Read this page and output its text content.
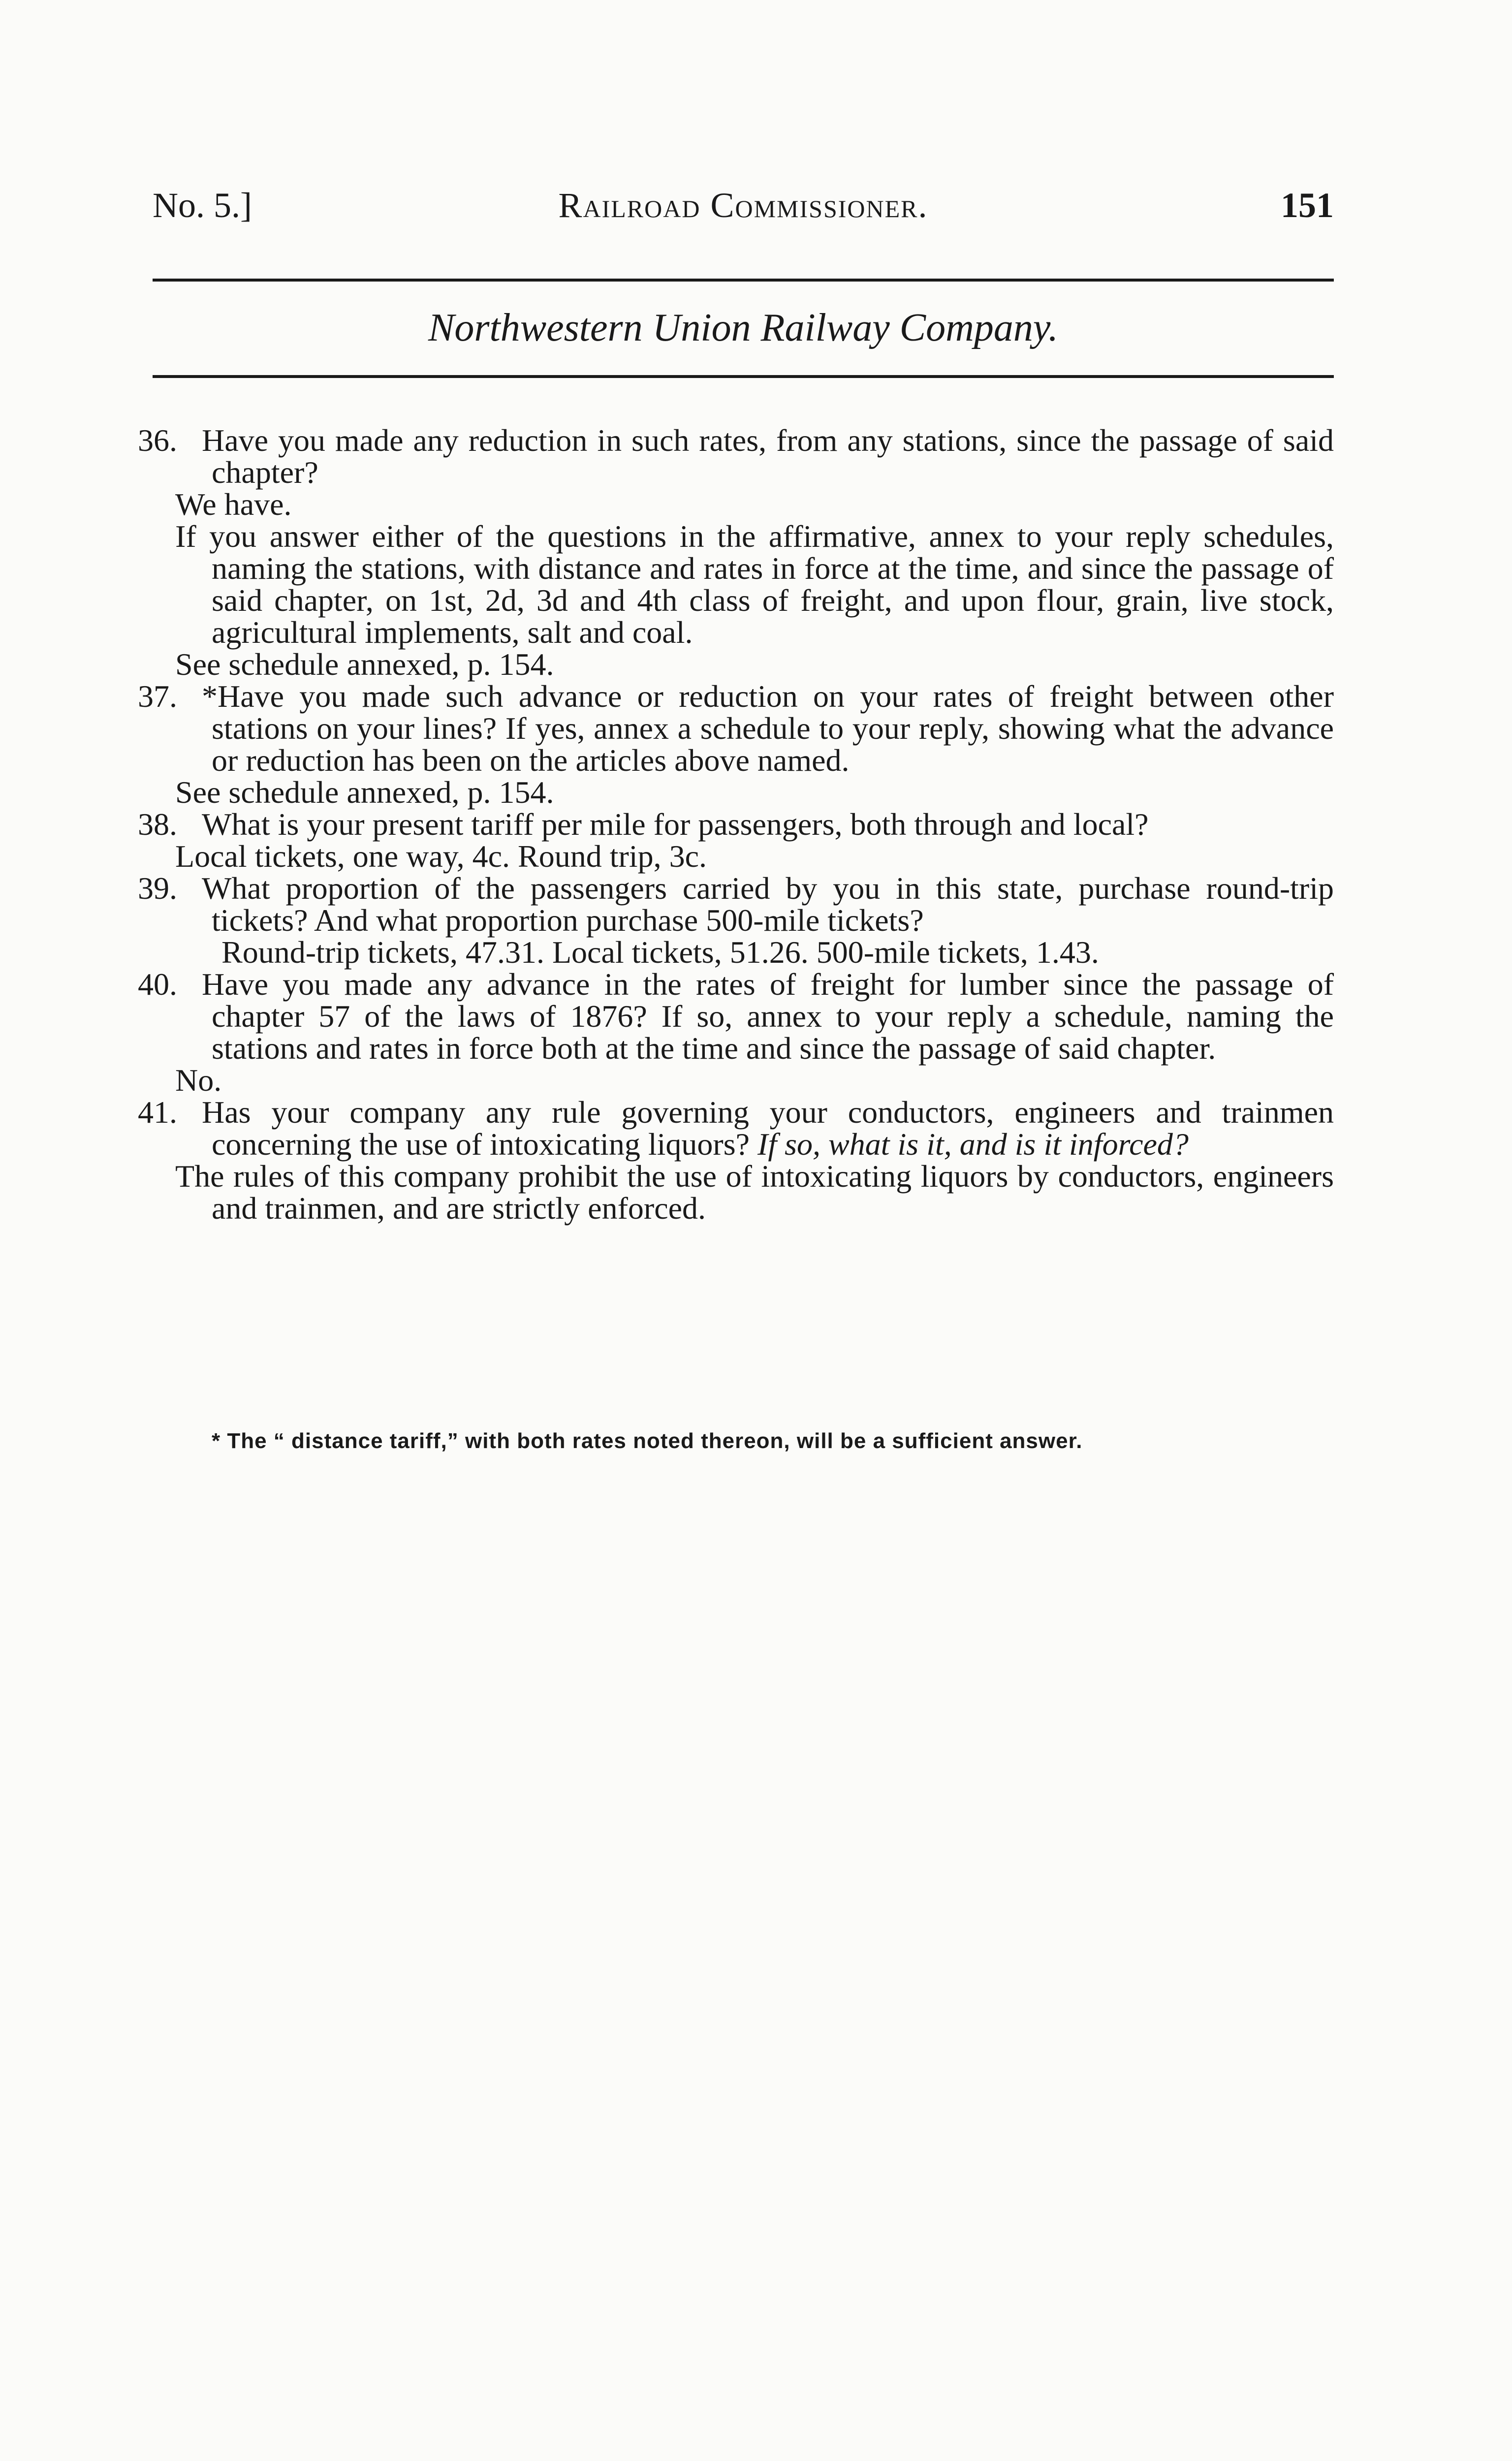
No. 5.]	Railroad Commissioner.	151
Northwestern Union Railway Company.

36. Have you made any reduction in such rates, from any stations, since the passage of said chapter?

We have.

If you answer either of the questions in the affirmative, annex to your reply schedules, naming the stations, with distance and rates in force at the time, and since the passage of said chapter, on 1st, 2d, 3d and 4th class of freight, and upon flour, grain, live stock, agricultural implements, salt and coal.

See schedule annexed, p. 154.

37. *Have you made such advance or reduction on your rates of freight between other stations on your lines? If yes, annex a schedule to your reply, showing what the advance or reduction has been on the articles above named.

See schedule annexed, p. 154.

38. What is your present tariff per mile for passengers, both through and local?

Local tickets, one way, 4c. Round trip, 3c.

39. What proportion of the passengers carried by you in this state, purchase round-trip tickets? And what proportion purchase 500-mile tickets?

Round-trip tickets, 47.31. Local tickets, 51.26. 500-mile tickets, 1.43.

40. Have you made any advance in the rates of freight for lumber since the passage of chapter 57 of the laws of 1876? If so, annex to your reply a schedule, naming the stations and rates in force both at the time and since the passage of said chapter.

No.

41. Has your company any rule governing your conductors, engineers and trainmen concerning the use of intoxicating liquors? If so, what is it, and is it inforced?

The rules of this company prohibit the use of intoxicating liquors by conductors, engineers and trainmen, and are strictly enforced.

* The “ distance tariff,” with both rates noted thereon, will be a sufficient answer.
